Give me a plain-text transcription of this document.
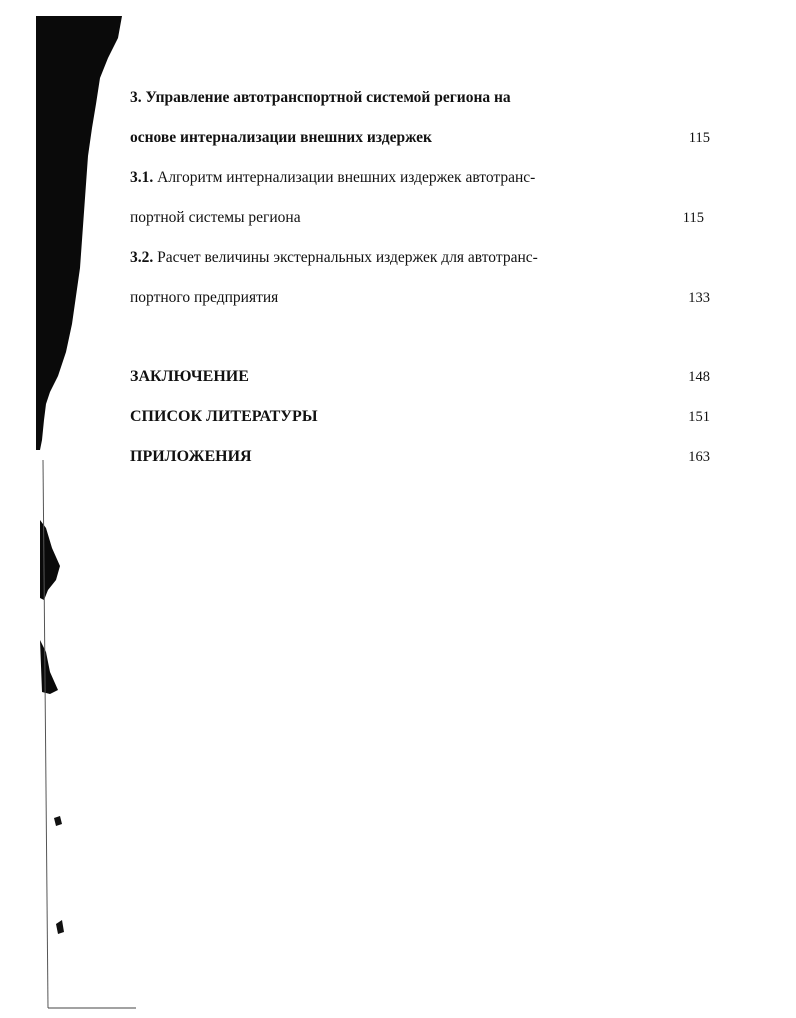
3. Управление автотранспортной системой региона на
основе интернализации внешних издержек	115
3.1. Алгоритм интернализации внешних издержек автотранс-
портной системы региона	115
3.2. Расчет величины экстернальных издержек для автотранс-
портного предприятия	133
ЗАКЛЮЧЕНИЕ	148
СПИСОК ЛИТЕРАТУРЫ	151
ПРИЛОЖЕНИЯ	163
